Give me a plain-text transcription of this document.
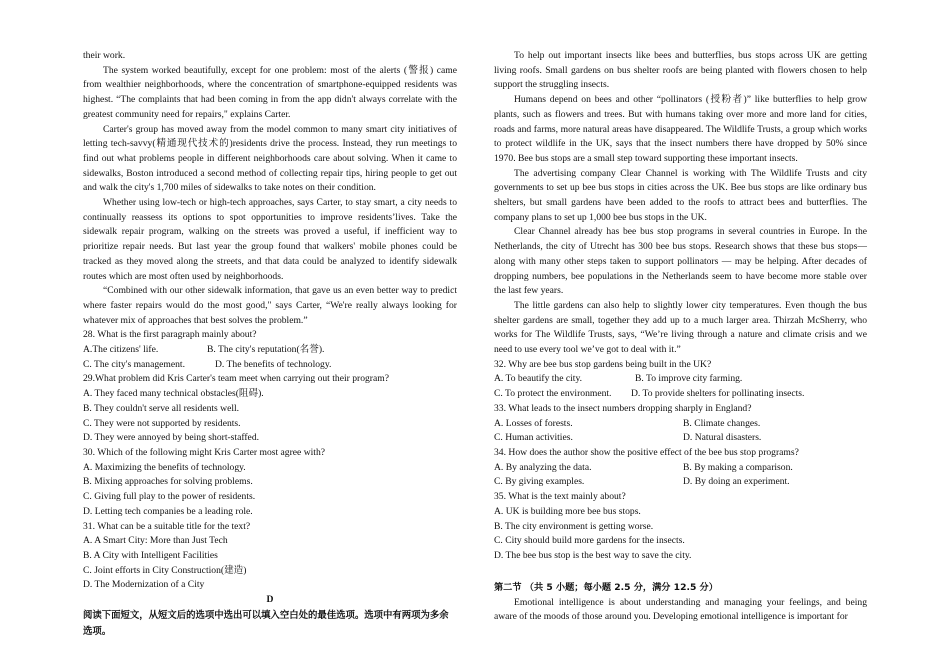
their work.

The system worked beautifully, except for one problem: most of the alerts (警报) came from wealthier neighborhoods, where the concentration of smartphone-equipped residents was highest. “The complaints that had been coming in from the app didn't always correlate with the greatest community need for repairs," explains Carter.

Carter's group has moved away from the model common to many smart city initiatives of letting tech-savvy(精通现代技术的)residents drive the process. Instead, they run meetings to find out what problems people in different neighborhoods care about solving. When it came to sidewalks, Boston introduced a second method of collecting repair tips, hiring people to get out and walk the city's 1,700 miles of sidewalks to take notes on their condition.

Whether using low-tech or high-tech approaches, says Carter, to stay smart, a city needs to continually reassess its options to spot opportunities to improve residents’lives. Take the sidewalk repair program, walking on the streets was proved a useful, if inefficient way to prioritize repair needs. But last year the group found that walkers' mobile phones could be tracked as they moved along the streets, and that data could be analyzed to identify sidewalk routes which are most often used by neighborhoods.

“Combined with our other sidewalk information, that gave us an even better way to predict where faster repairs would do the most good," says Carter, “We're really always looking for whatever mix of approaches that best solves the problem.”

28. What is the first paragraph mainly about?

A.The citizens' life.	B. The city's reputation(名誉).
C. The city's management.	D. The benefits of technology.

29.What problem did Kris Carter's team meet when carrying out their program?

A. They faced many technical obstacles(阻碍).

B. They couldn't serve all residents well.

C. They were not supported by residents.

D. They were annoyed by being short-staffed.

30. Which of the following might Kris Carter most agree with?

A. Maximizing the benefits of technology.

B. Mixing approaches for solving problems.

C. Giving full play to the power of residents.

D. Letting tech companies be a leading role.

31. What can be a suitable title for the text?

A. A Smart City: More than Just Tech

B. A City with Intelligent Facilities

C. Joint efforts in City Construction(建造)

D. The Modernization of a City

D

阅读下面短文，从短文后的选项中选出可以填入空白处的最佳选项。选项中有两项为多余选项。

To help out important insects like bees and butterflies, bus stops across UK are getting living roofs. Small gardens on bus shelter roofs are being planted with flowers chosen to help support the struggling insects.

Humans depend on bees and other “pollinators (授粉者)” like butterflies to help grow plants, such as flowers and trees. But with humans taking over more and more land for cities, roads and farms, more natural areas have disappeared. The Wildlife Trusts, a group which works to protect wildlife in the UK, says that the insect numbers there have dropped by 50% since 1970. Bee bus stops are a small step toward supporting these important insects.

The advertising company Clear Channel is working with The Wildlife Trusts and city governments to set up bee bus stops in cities across the UK. Bee bus stops are like ordinary bus shelters, but small gardens have been added to the roofs to attract bees and butterflies. The company plans to set up 1,000 bee bus stops in the UK.

Clear Channel already has bee bus stop programs in several countries in Europe. In the Netherlands, the city of Utrecht has 300 bee bus stops. Research shows that these bus stops—along with many other steps taken to support pollinators — may be helping. After decades of dropping numbers, bee populations in the Netherlands seem to have become more stable over the last few years.

The little gardens can also help to slightly lower city temperatures. Even though the bus shelter gardens are small, together they add up to a much larger area. Thirzah McSherry, who works for The Wildlife Trusts, says, “We’re living through a nature and climate crisis and we need to use every tool we’ve got to deal with it.”

32. Why are bee bus stop gardens being built in the UK?

A. To beautify the city.	B. To improve city farming.
C. To protect the environment.	D. To provide shelters for pollinating insects.

33. What leads to the insect numbers dropping sharply in England?

A. Losses of forests.	B. Climate changes.
C. Human activities.	D. Natural disasters.

34. How does the author show the positive effect of the bee bus stop programs?

A. By analyzing the data.	B. By making a comparison.
C. By giving examples.	D. By doing an experiment.

35. What is the text mainly about?

A. UK is building more bee bus stops.

B. The city environment is getting worse.

C. City should build more gardens for the insects.

D. The bee bus stop is the best way to save the city.

第二节 （共 5 小题；每小题 2.5 分，满分 12.5 分）

Emotional intelligence is about understanding and managing your feelings, and being aware of the moods of those around you. Developing emotional intelligence is important for
